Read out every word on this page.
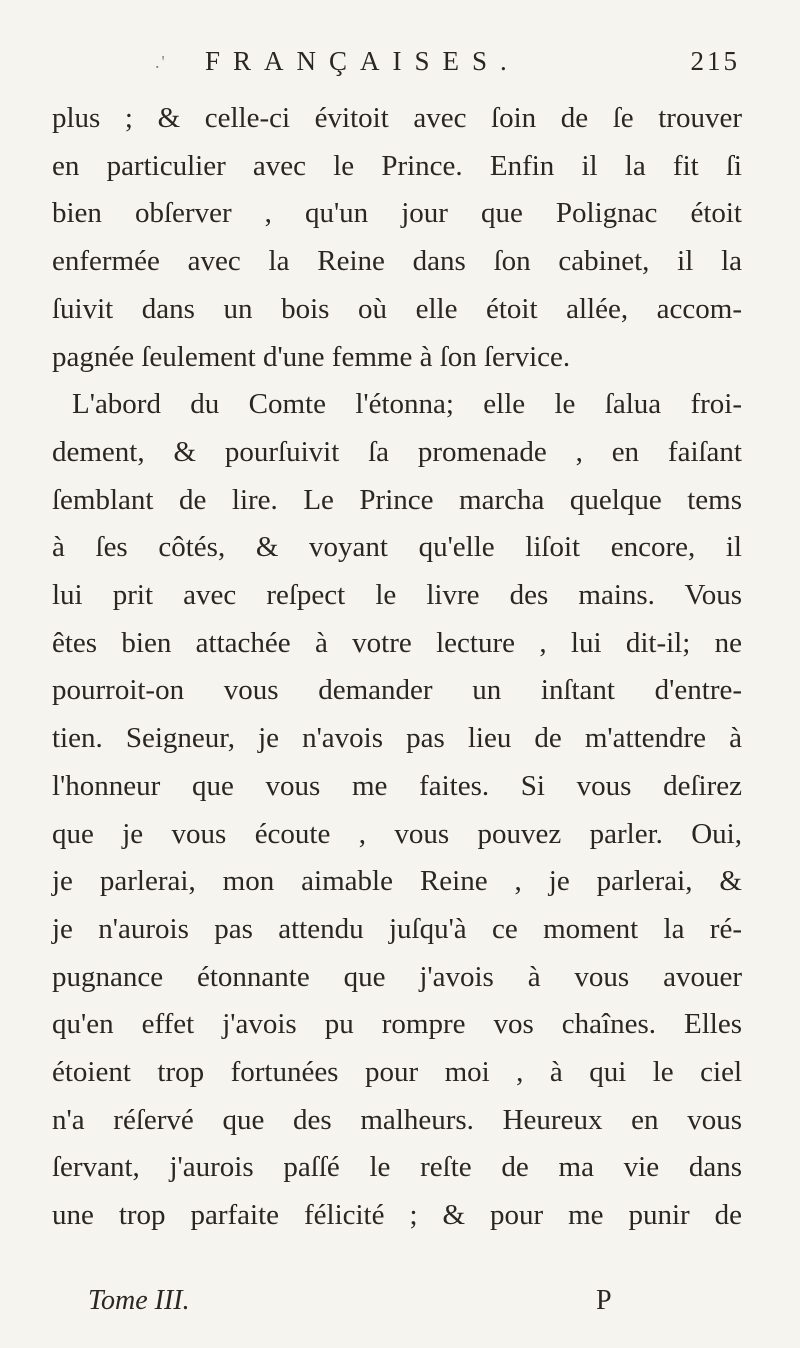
.' FRANÇAISES.	215
plus ; & celle-ci évitoit avec ſoin de ſe trouver
en particulier avec le Prince. Enfin il la fit ſi
bien obſerver , qu'un jour que Polignac étoit
enfermée avec la Reine dans ſon cabinet, il la
ſuivit dans un bois où elle étoit allée, accom-
pagnée ſeulement d'une femme à ſon ſervice.
L'abord du Comte l'étonna; elle le ſalua froi-
dement, & pourſuivit ſa promenade , en faiſant
ſemblant de lire. Le Prince marcha quelque tems
à ſes côtés, & voyant qu'elle liſoit encore, il
lui prit avec reſpect le livre des mains. Vous
êtes bien attachée à votre lecture , lui dit-il; ne
pourroit-on vous demander un inſtant d'entre-
tien. Seigneur, je n'avois pas lieu de m'attendre à
l'honneur que vous me faites. Si vous deſirez
que je vous écoute , vous pouvez parler. Oui,
je parlerai, mon aimable Reine , je parlerai, &
je n'aurois pas attendu juſqu'à ce moment la ré-
pugnance étonnante que j'avois à vous avouer
qu'en effet j'avois pu rompre vos chaînes. Elles
étoient trop fortunées pour moi , à qui le ciel
n'a réſervé que des malheurs. Heureux en vous
ſervant, j'aurois paſſé le reſte de ma vie dans
une trop parfaite félicité ; & pour me punir de
Tome III.	P
